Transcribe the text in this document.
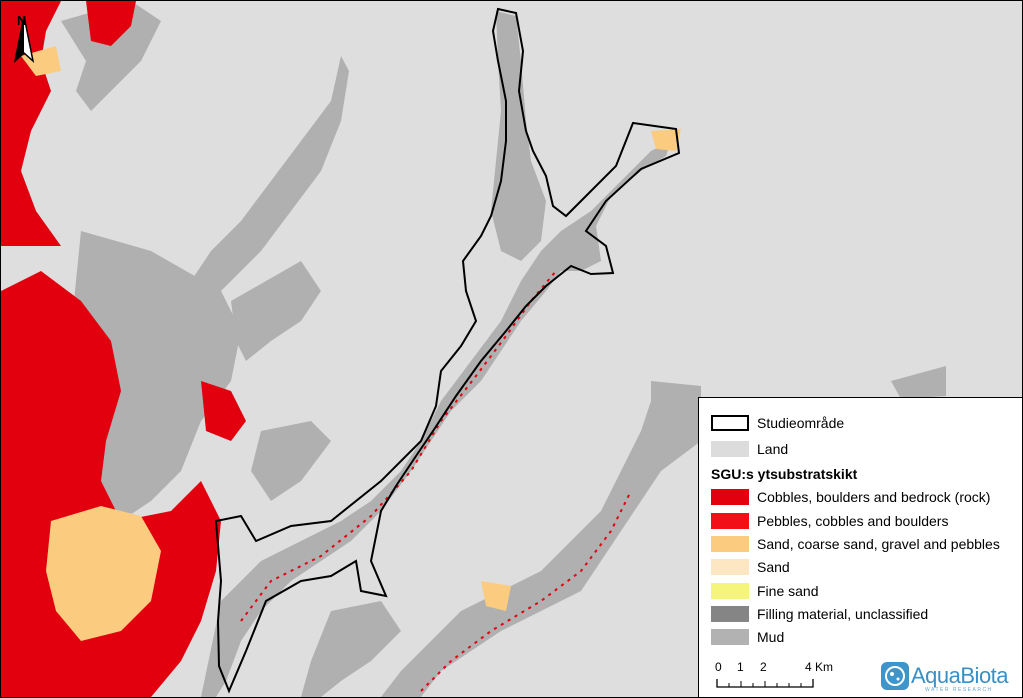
N
Studieområde
Land
SGU:s ytsubstratskikt
Cobbles, boulders and bedrock (rock)
Pebbles, cobbles and boulders
Sand, coarse sand, gravel and pebbles
Sand
Fine sand
Filling material, unclassified
Mud
0 1 2	4 Km	AquaBiota
WATER RESEARCH
